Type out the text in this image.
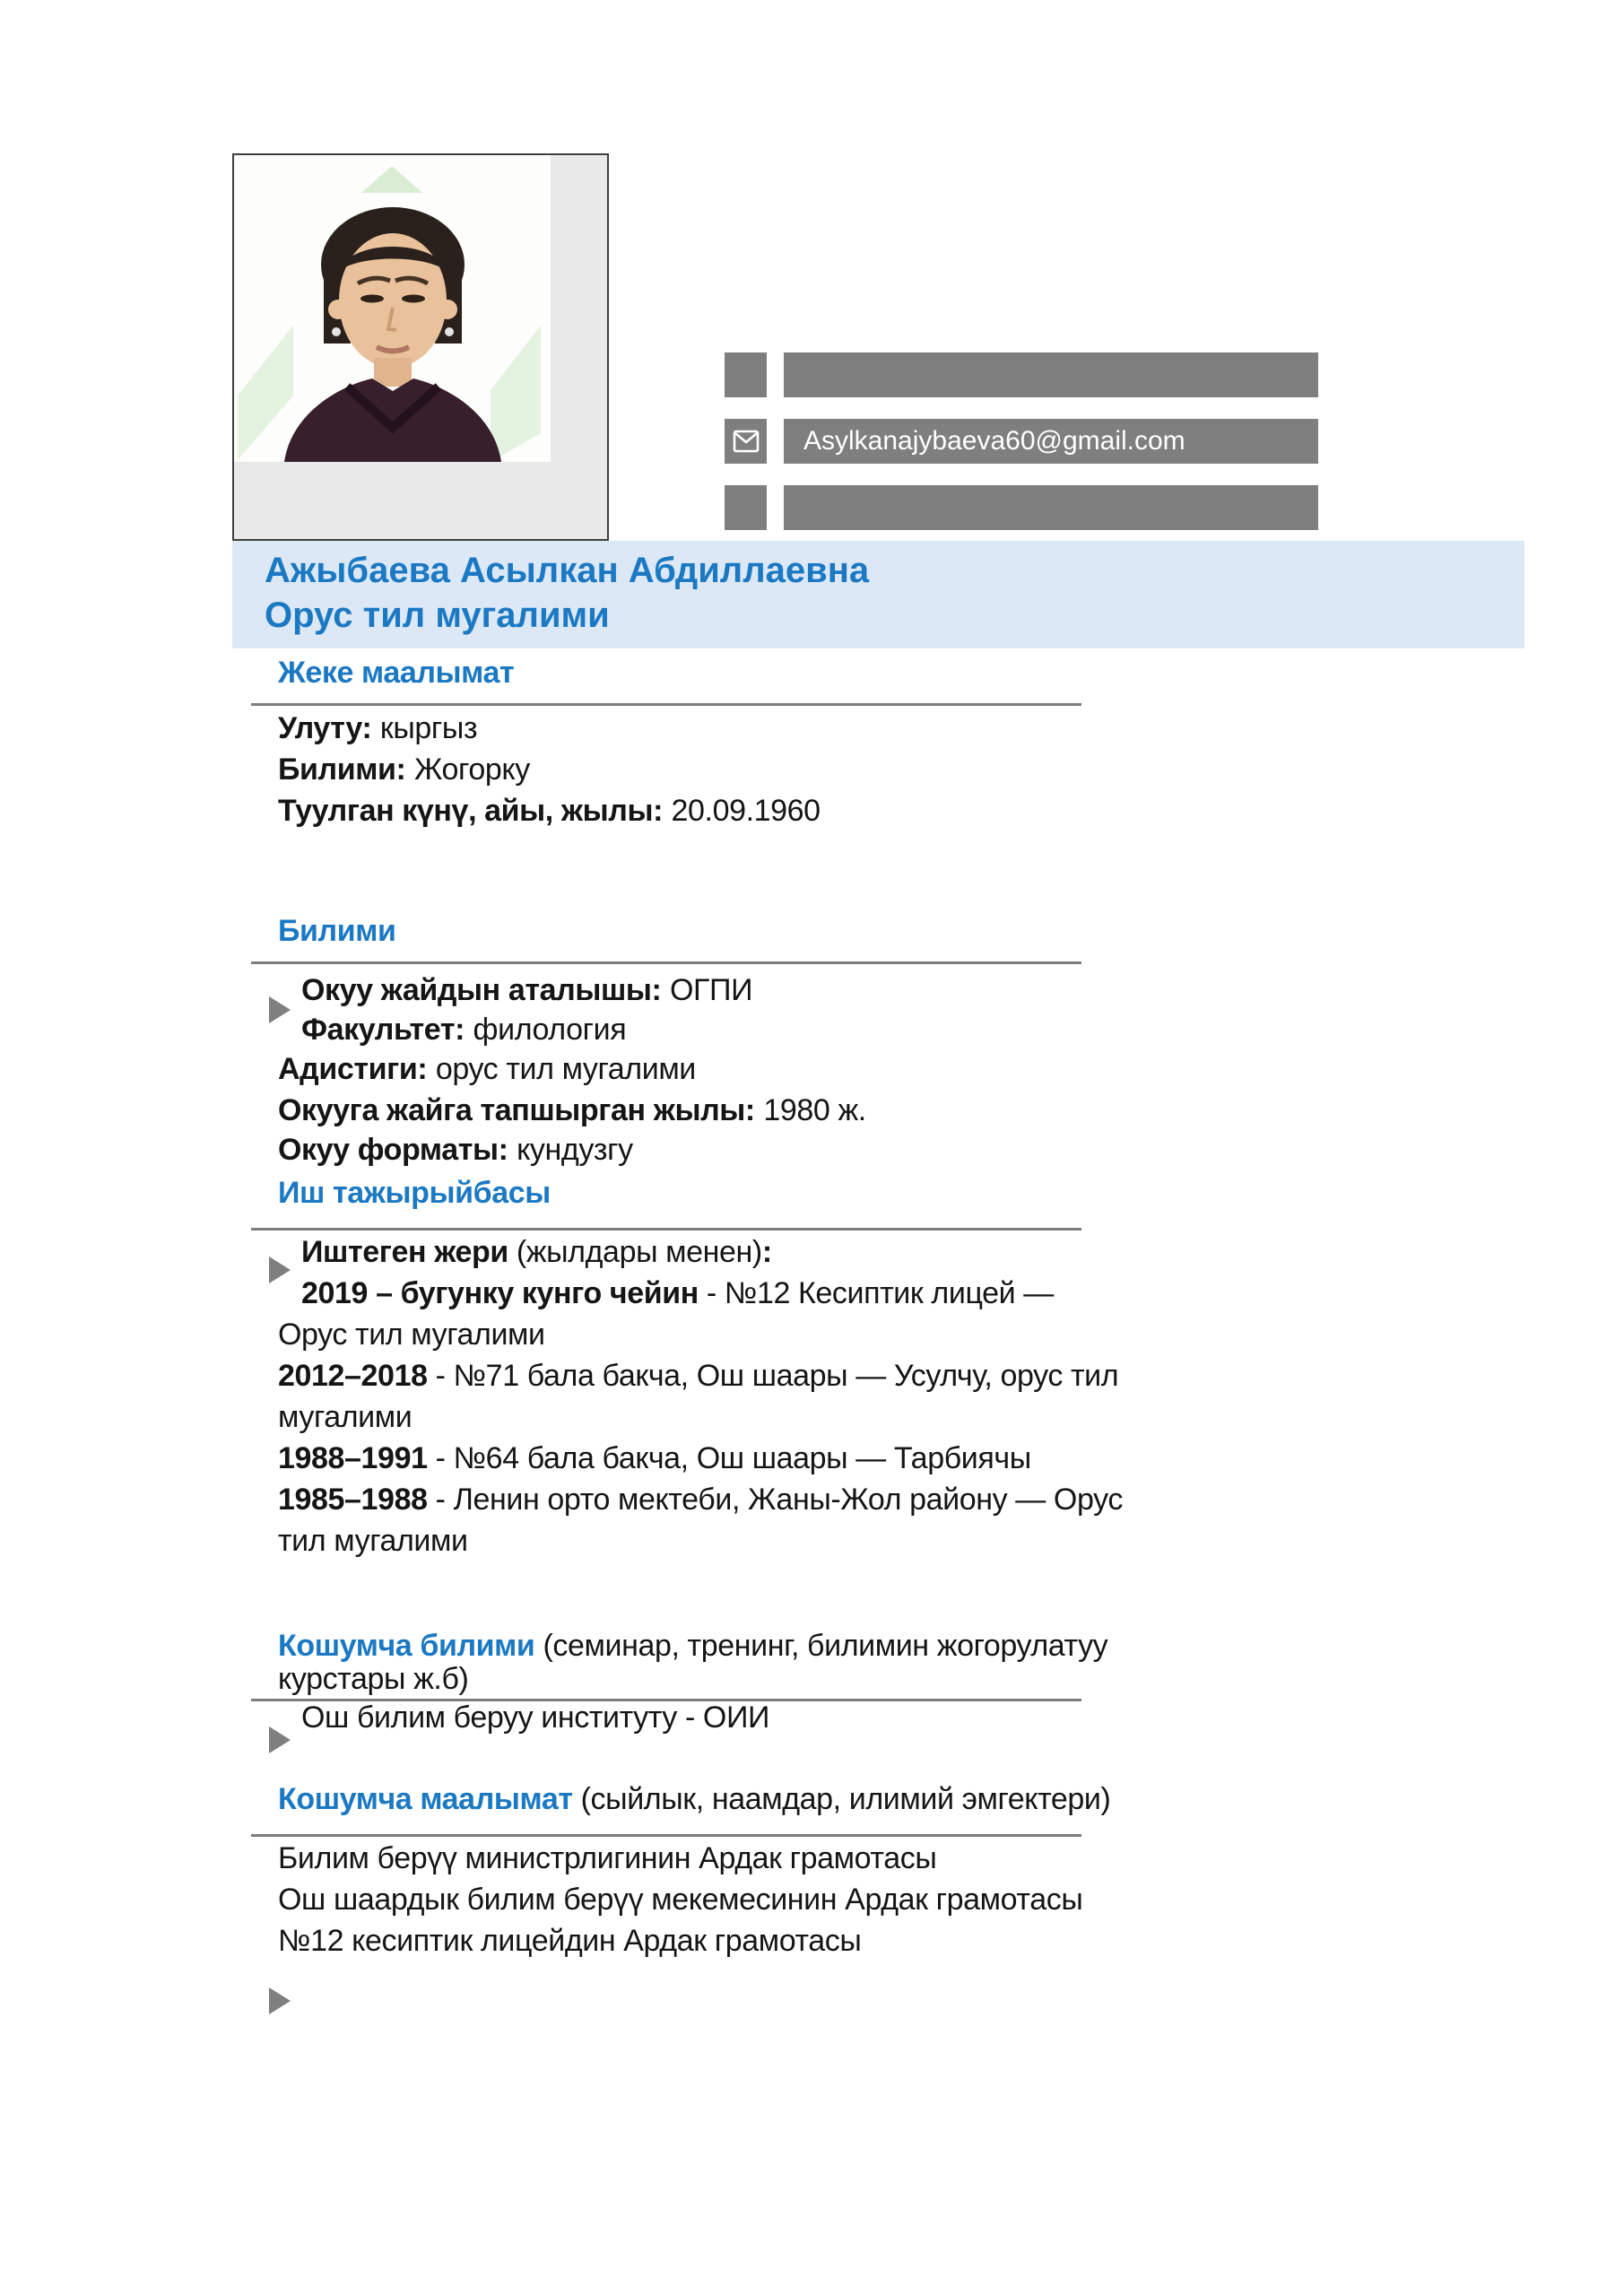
Asylkanajybaeva60@gmail.com
Ажыбаева Асылкан Абдиллаевна
Орус тил мугалими
Жеке маалымат
Улуту: кыргыз
Билими: Жогорку
Туулган күнү, айы, жылы: 20.09.1960
Билими
Окуу жайдын аталышы: ОГПИ
Факультет: филология
Адистиги: орус тил мугалими
Окууга жайга тапшырган жылы: 1980 ж.
Окуу форматы: кундузгу
Иш тажырыйбасы
Иштеген жери (жылдары менен):
2019 – бугунку кунго чейин - №12 Кесиптик лицей —
Орус тил мугалими
2012–2018 - №71 бала бакча, Ош шаары — Усулчу, орус тил
мугалими
1988–1991 - №64 бала бакча, Ош шаары — Тарбиячы
1985–1988 - Ленин орто мектеби, Жаны-Жол району — Орус
тил мугалими
Кошумча билими (семинар, тренинг, билимин жогорулатуу
курстары ж.б)
Ош билим беруу институту - ОИИ
Кошумча маалымат (сыйлык, наамдар, илимий эмгектери)
Билим берүү министрлигинин Ардак грамотасы
Ош шаардык билим берүү мекемесинин Ардак грамотасы
№12 кесиптик лицейдин Ардак грамотасы
